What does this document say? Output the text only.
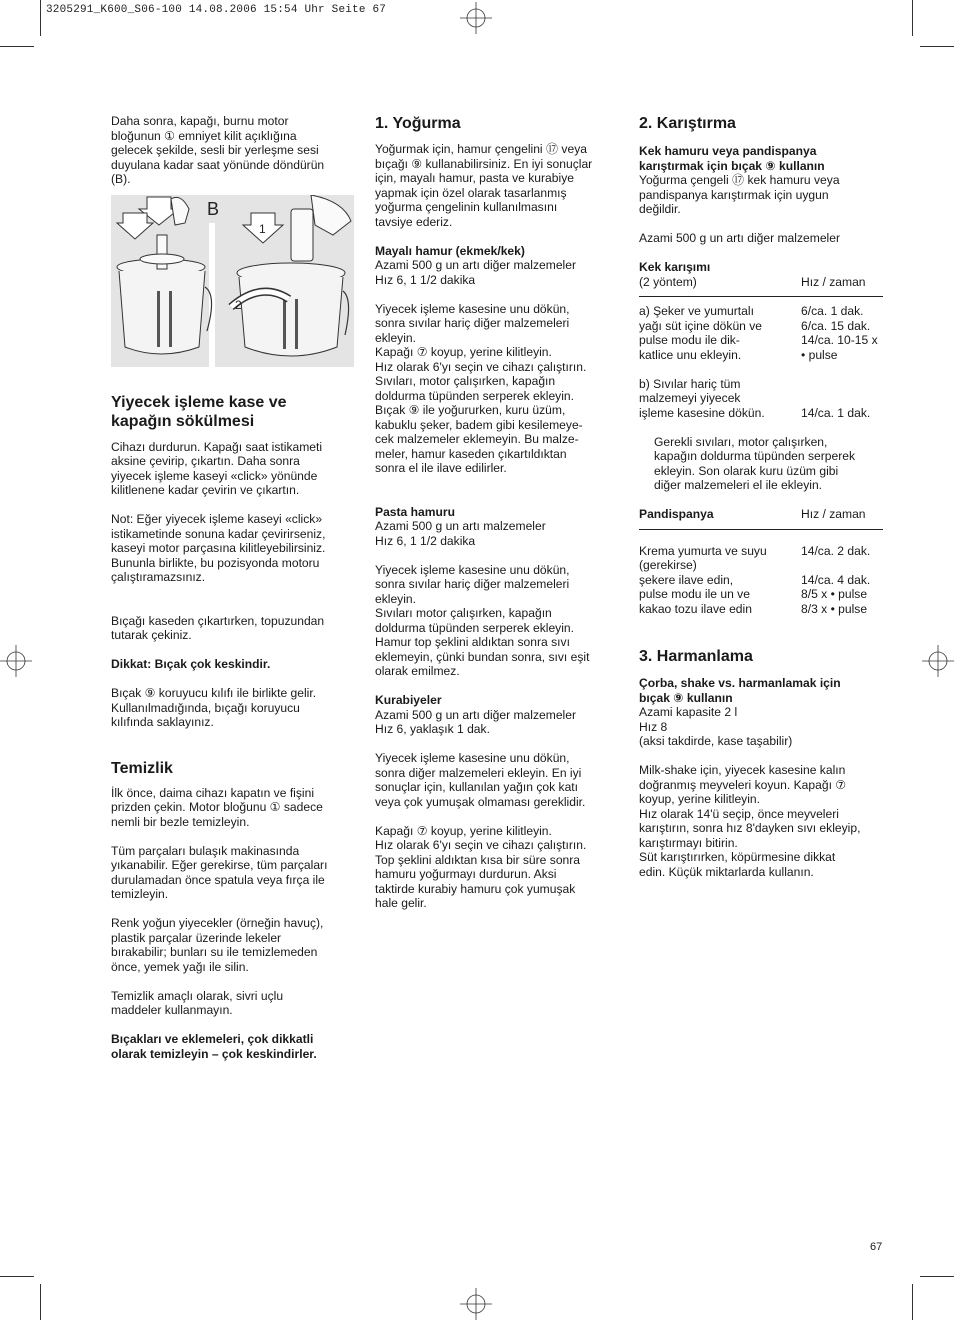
3205291_K600_S06-100 14.08.2006 15:54 Uhr Seite 67

Daha sonra, kapağı, burnu motor

bloğunun ① emniyet kilit açıklığına

gelecek şekilde, sesli bir yerleşme sesi

duyulana kadar saat yönünde döndürün

(B).

B
1
2
Yiyecek işleme kase ve
kapağın sökülmesi

Cihazı durdurun. Kapağı saat istikameti

aksine çevirip, çıkartın. Daha sonra

yiyecek işleme kaseyi «click» yönünde

kilitlenene kadar çevirin ve çıkartın.

Not: Eğer yiyecek işleme kaseyi «click»

istikametinde sonuna kadar çevirirseniz,

kaseyi motor parçasına kilitleyebilirsiniz.

Bununla birlikte, bu pozisyonda motoru

çalıştıramazsınız.

Bıçağı kaseden çıkartırken, topuzundan

tutarak çekiniz.

Dikkat: Bıçak çok keskindir.

Bıçak ⑨ koruyucu kılıfı ile birlikte gelir.

Kullanılmadığında, bıçağı koruyucu

kılıfında saklayınız.

Temizlik

İlk önce, daima cihazı kapatın ve fişini

prizden çekin. Motor bloğunu ① sadece

nemli bir bezle temizleyin.

Tüm parçaları bulaşık makinasında

yıkanabilir. Eğer gerekirse, tüm parçaları

durulamadan önce spatula veya fırça ile

temizleyin.

Renk yoğun yiyecekler (örneğin havuç),

plastik parçalar üzerinde lekeler

bırakabilir; bunları su ile temizlemeden

önce, yemek yağı ile silin.

Temizlik amaçlı olarak, sivri uçlu

maddeler kullanmayın.

Bıçakları ve eklemeleri, çok dikkatli

olarak temizleyin – çok keskindirler.

1. Yoğurma

Yoğurmak için, hamur çengelini ⑰ veya

bıçağı ⑨ kullanabilirsiniz. En iyi sonuçlar

için, mayalı hamur, pasta ve kurabiye

yapmak için özel olarak tasarlanmış

yoğurma çengelinin kullanılmasını

tavsiye ederiz.

Mayalı hamur (ekmek/kek)

Azami 500 g un artı diğer malzemeler

Hız 6, 1 1/2 dakika

Yiyecek işleme kasesine unu dökün,

sonra sıvılar hariç diğer malzemeleri

ekleyin.

Kapağı ⑦ koyup, yerine kilitleyin.

Hız olarak 6'yı seçin ve cihazı çalıştırın.

Sıvıları, motor çalışırken, kapağın

doldurma tüpünden serperek ekleyin.

Bıçak ⑨ ile yoğururken, kuru üzüm,

kabuklu şeker, badem gibi kesilemeye-

cek malzemeler eklemeyin. Bu malze-

meler, hamur kaseden çıkartıldıktan

sonra el ile ilave edilirler.

Pasta hamuru

Azami 500 g un artı malzemeler

Hız 6, 1 1/2 dakika

Yiyecek işleme kasesine unu dökün,

sonra sıvılar hariç diğer malzemeleri

ekleyin.

Sıvıları motor çalışırken, kapağın

doldurma tüpünden serperek ekleyin.

Hamur top şeklini aldıktan sonra sıvı

eklemeyin, çünki bundan sonra, sıvı eşit

olarak emilmez.

Kurabiyeler

Azami 500 g un artı diğer malzemeler

Hız 6, yaklaşık 1 dak.

Yiyecek işleme kasesine unu dökün,

sonra diğer malzemeleri ekleyin. En iyi

sonuçlar için, kullanılan yağın çok katı

veya çok yumuşak olmaması gereklidir.

Kapağı ⑦ koyup, yerine kilitleyin.

Hız olarak 6'yı seçin ve cihazı çalıştırın.

Top şeklini aldıktan kısa bir süre sonra

hamuru yoğurmayı durdurun. Aksi

taktirde kurabiy hamuru çok yumuşak

hale gelir.

2. Karıştırma
Kek hamuru veya pandispanya
karıştırmak için bıçak ⑨ kullanın

Yoğurma çengeli ⑰ kek hamuru veya

pandispanya karıştırmak için uygun

değildir.

Azami 500 g un artı diğer malzemeler

Kek karışımı	
(2 yöntem)	Hız / zaman

a) Şeker ve yumurtalı	6/ca. 1 dak.
yağı süt içine dökün ve	6/ca. 15 dak.
pulse modu ile dik-	14/ca. 10-15 x
katlice unu ekleyin.	• pulse

b) Sıvılar hariç tüm	
malzemeyi yiyecek	
işleme kasesine dökün.	14/ca. 1 dak.

Gerekli sıvıları, motor çalışırken,

kapağın doldurma tüpünden serperek

ekleyin. Son olarak kuru üzüm gibi

diğer malzemeleri el ile ekleyin.

Pandispanya	Hız / zaman

Krema yumurta ve suyu	14/ca. 2 dak.
(gerekirse)	
şekere ilave edin,	14/ca. 4 dak.
pulse modu ile un ve	8/5 x • pulse
kakao tozu ilave edin	8/3 x • pulse
3. Harmanlama
Çorba, shake vs. harmanlamak için
bıçak ⑨ kullanın

Azami kapasite 2 l

Hız 8

(aksi takdirde, kase taşabilir)

Milk-shake için, yiyecek kasesine kalın

doğranmış meyveleri koyun. Kapağı ⑦

koyup, yerine kilitleyin.

Hız olarak 14'ü seçip, önce meyveleri

karıştırın, sonra hız 8'dayken sıvı ekleyip,

karıştırmayı bitirin.

Süt karıştırırken, köpürmesine dikkat

edin. Küçük miktarlarda kullanın.

67
